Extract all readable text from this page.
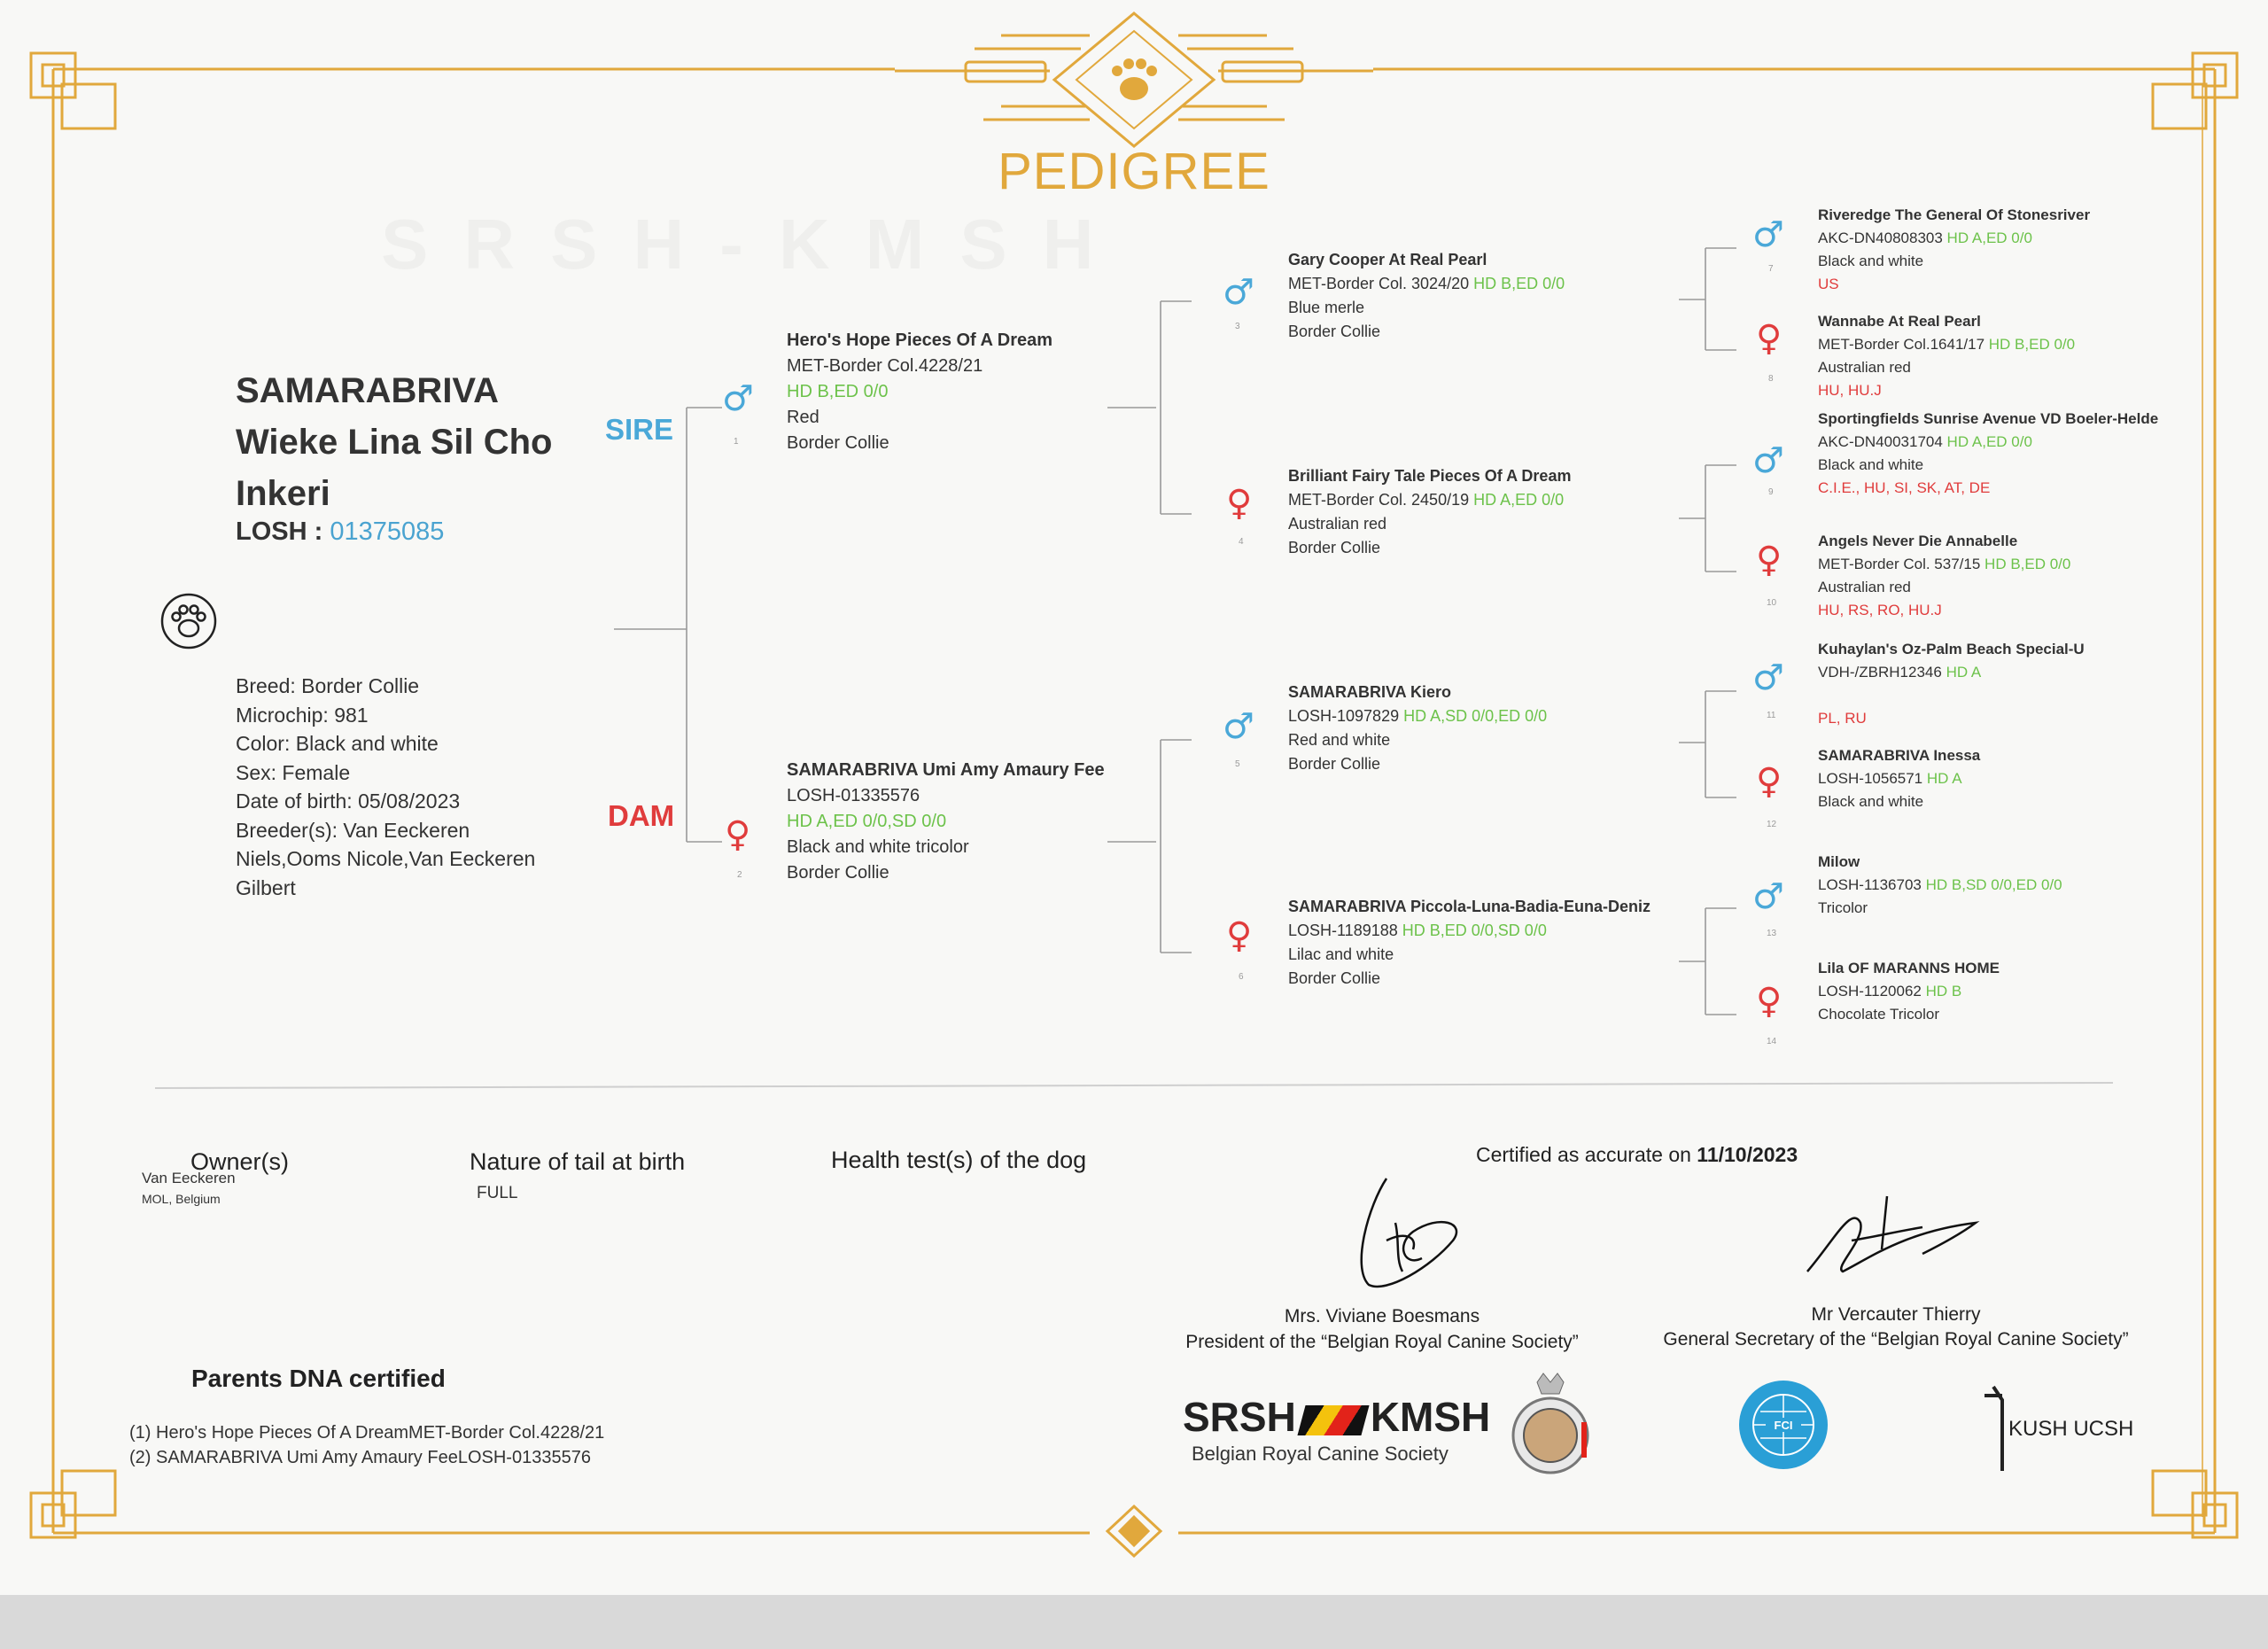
PEDIGREE
SAMARABRIVA Wieke Lina Sil Cho Inkeri
LOSH : 01375085
Breed: Border Collie
Microchip: 981
Color: Black and white
Sex: Female
Date of birth: 05/08/2023
Breeder(s): Van Eeckeren Niels,Ooms Nicole,Van Eeckeren Gilbert
SIRE
DAM
♂
1
Hero's Hope Pieces Of A Dream
MET-Border Col.4228/21
HD B,ED 0/0
Red
Border Collie
♀
2
SAMARABRIVA Umi Amy Amaury Fee
LOSH-01335576
HD A,ED 0/0,SD 0/0
Black and white tricolor
Border Collie
♂
3
Gary Cooper At Real Pearl
MET-Border Col. 3024/20 HD B,ED 0/0
Blue merle
Border Collie
♀
4
Brilliant Fairy Tale Pieces Of A Dream
MET-Border Col. 2450/19 HD A,ED 0/0
Australian red
Border Collie
♂
5
SAMARABRIVA Kiero
LOSH-1097829 HD A,SD 0/0,ED 0/0
Red and white
Border Collie
♀
6
SAMARABRIVA Piccola-Luna-Badia-Euna-Deniz
LOSH-1189188 HD B,ED 0/0,SD 0/0
Lilac and white
Border Collie
♂
7
Riveredge The General Of Stonesriver
AKC-DN40808303 HD A,ED 0/0
Black and white
US
♀
8
Wannabe At Real Pearl
MET-Border Col.1641/17 HD B,ED 0/0
Australian red
HU, HU.J
♂
9
Sportingfields Sunrise Avenue VD Boeler-Helde
AKC-DN40031704 HD A,ED 0/0
Black and white
C.I.E., HU, SI, SK, AT, DE
♀
10
Angels Never Die Annabelle
MET-Border Col. 537/15 HD B,ED 0/0
Australian red
HU, RS, RO, HU.J
♂
11
Kuhaylan's Oz-Palm Beach Special-U
VDH-/ZBRH12346 HD A
PL, RU
♀
12
SAMARABRIVA Inessa
LOSH-1056571 HD A
Black and white
♂
13
Milow
LOSH-1136703 HD B,SD 0/0,ED 0/0
Tricolor
♀
14
Lila OF MARANNS HOME
LOSH-1120062 HD B
Chocolate Tricolor
Owner(s)
Van Eeckeren
MOL, Belgium
Nature of tail at birth
FULL
Health test(s) of the dog	Certified as accurate on 11/10/2023
Mrs. Viviane Boesmans
President of the “Belgian Royal Canine Society”
Mr Vercauter Thierry
General Secretary of the “Belgian Royal Canine Society”
Parents DNA certified
(1) Hero's Hope Pieces Of A DreamMET-Border Col.4228/21
(2) SAMARABRIVA Umi Amy Amaury FeeLOSH-01335576
SRSH KMSH
Belgian Royal Canine Society
FCI	KUSH UCSH
